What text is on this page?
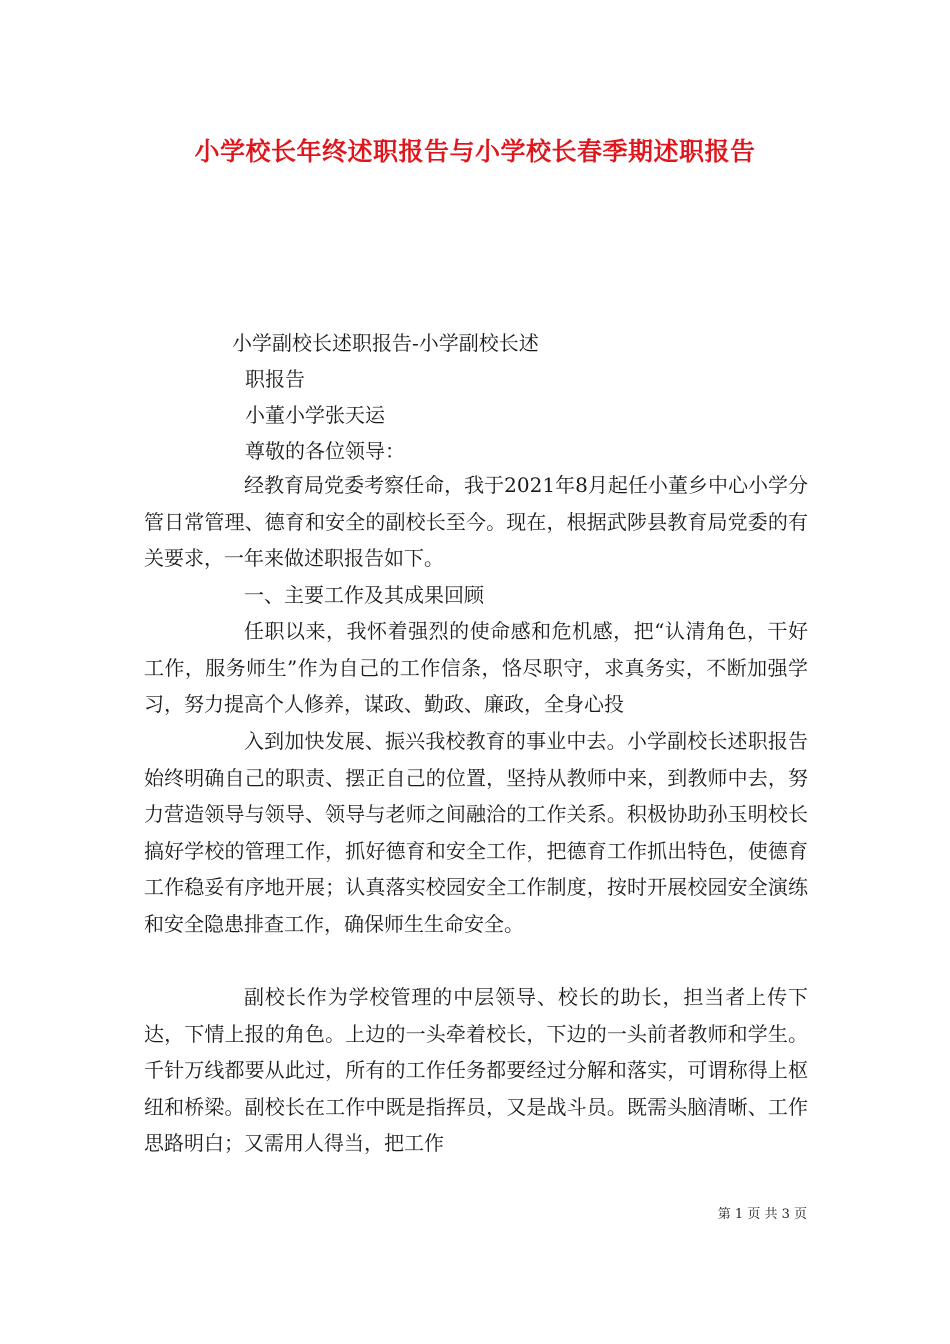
小学校长年终述职报告与小学校长春季期述职报告

小学副校长述职报告-小学副校长述

职报告

小董小学张天运

尊敬的各位领导：

经教育局党委考察任命，我于2021年8月起任小董乡中心小学分管日常管理、德育和安全的副校长至今。现在，根据武陟县教育局党委的有关要求，一年来做述职报告如下。

一、主要工作及其成果回顾

任职以来，我怀着强烈的使命感和危机感，把“认清角色，干好工作，服务师生”作为自己的工作信条，恪尽职守，求真务实，不断加强学习，努力提高个人修养，谋政、勤政、廉政，全身心投

入到加快发展、振兴我校教育的事业中去。小学副校长述职报告始终明确自己的职责、摆正自己的位置，坚持从教师中来，到教师中去，努力营造领导与领导、领导与老师之间融洽的工作关系。积极协助孙玉明校长搞好学校的管理工作，抓好德育和安全工作，把德育工作抓出特色，使德育工作稳妥有序地开展；认真落实校园安全工作制度，按时开展校园安全演练和安全隐患排查工作，确保师生生命安全。

副校长作为学校管理的中层领导、校长的助长，担当者上传下达，下情上报的角色。上边的一头牵着校长，下边的一头前者教师和学生。千针万线都要从此过，所有的工作任务都要经过分解和落实，可谓称得上枢纽和桥梁。副校长在工作中既是指挥员，又是战斗员。既需头脑清晰、工作思路明白；又需用人得当，把工作

第 1 页 共 3 页
